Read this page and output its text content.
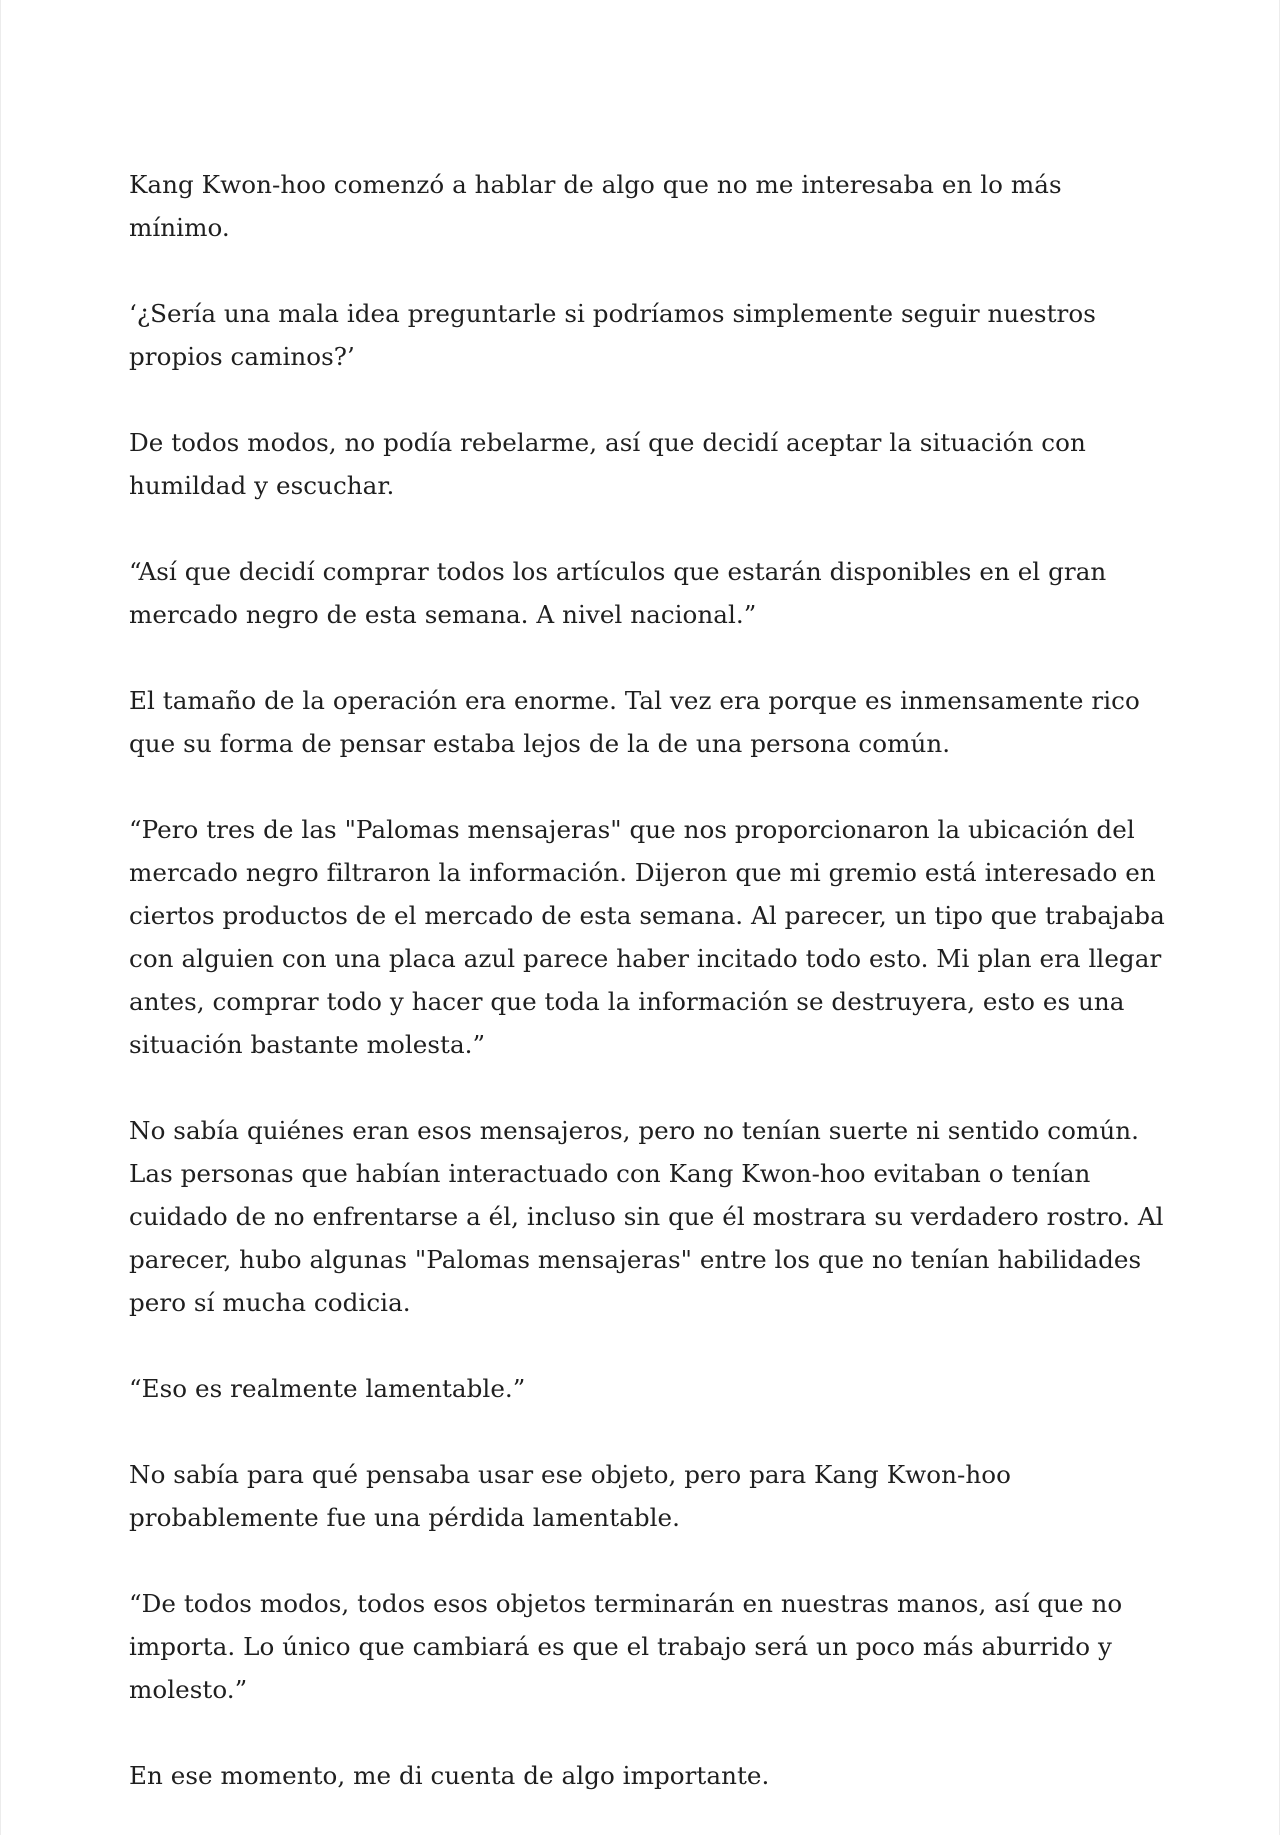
Kang Kwon-hoo comenzó a hablar de algo que no me interesaba en lo más mínimo.

‘¿Sería una mala idea preguntarle si podríamos simplemente seguir nuestros propios caminos?’

De todos modos, no podía rebelarme, así que decidí aceptar la situación con humildad y escuchar.

“Así que decidí comprar todos los artículos que estarán disponibles en el gran mercado negro de esta semana. A nivel nacional.”

El tamaño de la operación era enorme. Tal vez era porque es inmensamente rico que su forma de pensar estaba lejos de la de una persona común.

“Pero tres de las "Palomas mensajeras" que nos proporcionaron la ubicación del mercado negro filtraron la información. Dijeron que mi gremio está interesado en ciertos productos de el mercado de esta semana. Al parecer, un tipo que trabajaba con alguien con una placa azul parece haber incitado todo esto. Mi plan era llegar antes, comprar todo y hacer que toda la información se destruyera, esto es una situación bastante molesta.”

No sabía quiénes eran esos mensajeros, pero no tenían suerte ni sentido común. Las personas que habían interactuado con Kang Kwon-hoo evitaban o tenían cuidado de no enfrentarse a él, incluso sin que él mostrara su verdadero rostro. Al parecer, hubo algunas "Palomas mensajeras" entre los que no tenían habilidades pero sí mucha codicia.

“Eso es realmente lamentable.”

No sabía para qué pensaba usar ese objeto, pero para Kang Kwon-hoo probablemente fue una pérdida lamentable.

“De todos modos, todos esos objetos terminarán en nuestras manos, así que no importa. Lo único que cambiará es que el trabajo será un poco más aburrido y molesto.”

En ese momento, me di cuenta de algo importante.
